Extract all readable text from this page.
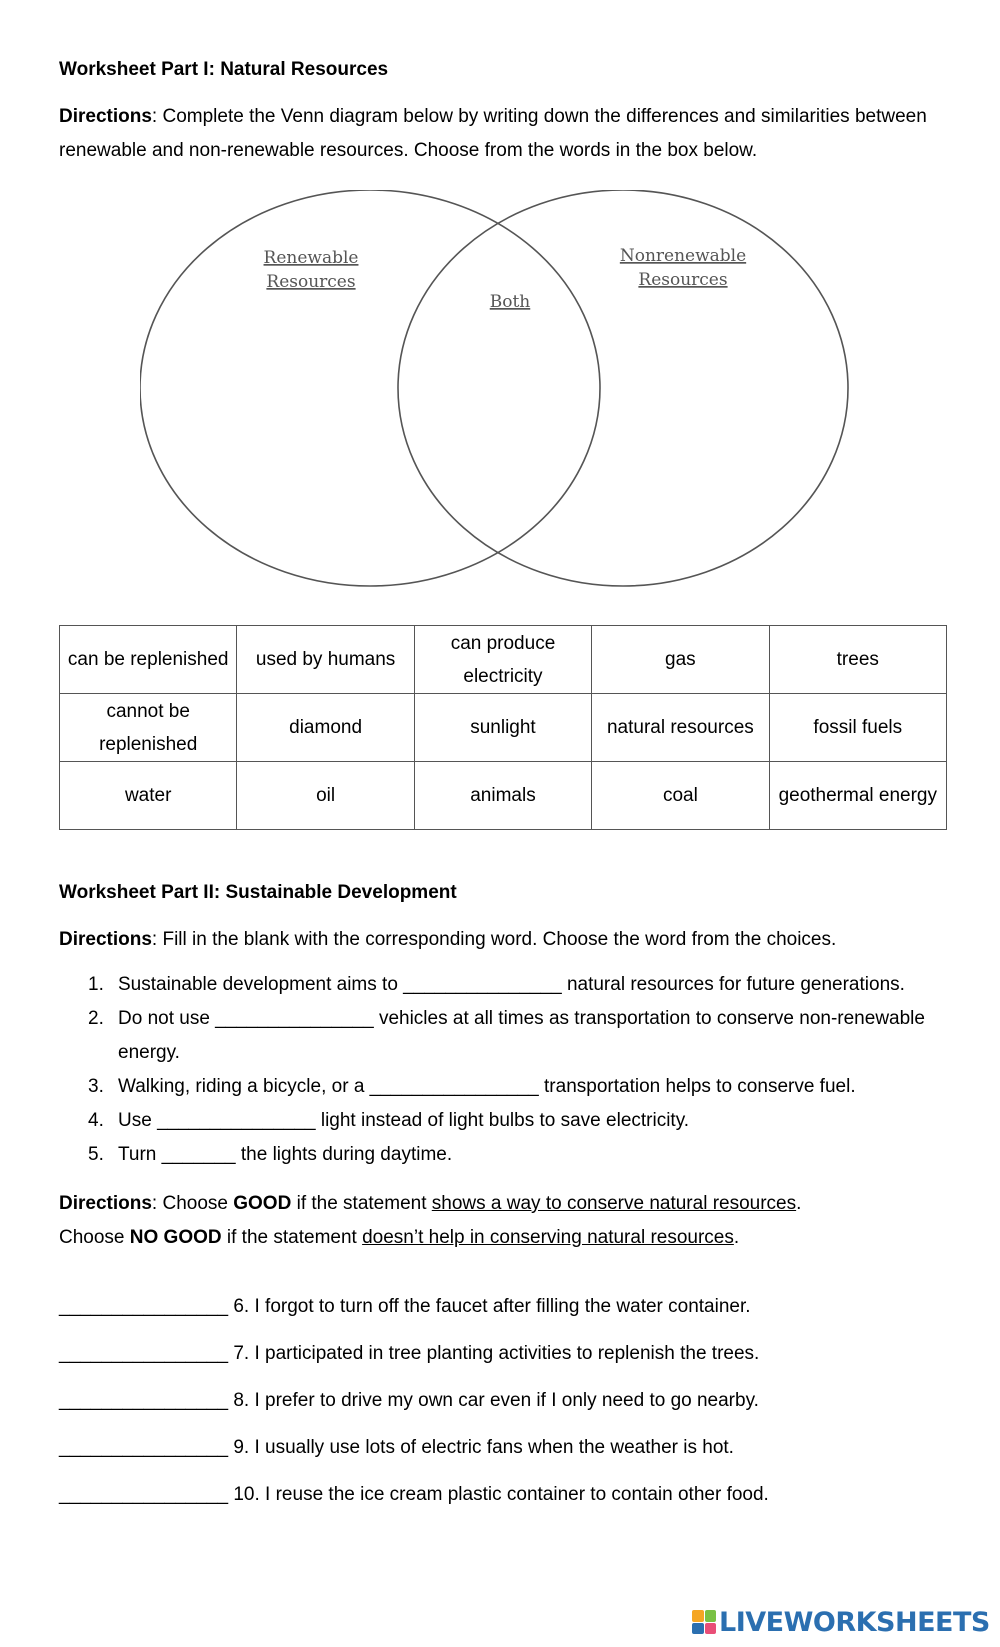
Worksheet Part I: Natural Resources

Directions: Complete the Venn diagram below by writing down the differences and similarities between renewable and non-renewable resources. Choose from the words in the box below.

Renewable
Resources
Both
Nonrenewable
Resources
can be replenished	used by humans	can produce electricity	gas	trees
cannot be replenished	diamond	sunlight	natural resources	fossil fuels
water	oil	animals	coal	geothermal energy
Worksheet Part II: Sustainable Development

Directions: Fill in the blank with the corresponding word. Choose the word from the choices.

1. Sustainable development aims to _______________ natural resources for future generations.
2. Do not use _______________ vehicles at all times as transportation to conserve non-renewable energy.
3. Walking, riding a bicycle, or a ________________ transportation helps to conserve fuel.
4. Use _______________ light instead of light bulbs to save electricity.
5. Turn _______ the lights during daytime.

Directions: Choose GOOD if the statement shows a way to conserve natural resources.
Choose NO GOOD if the statement doesn’t help in conserving natural resources.

________________ 6. I forgot to turn off the faucet after filling the water container.
________________ 7. I participated in tree planting activities to replenish the trees.
________________ 8. I prefer to drive my own car even if I only need to go nearby.
________________ 9. I usually use lots of electric fans when the weather is hot.
________________ 10. I reuse the ice cream plastic container to contain other food.
LIVEWORKSHEETS
